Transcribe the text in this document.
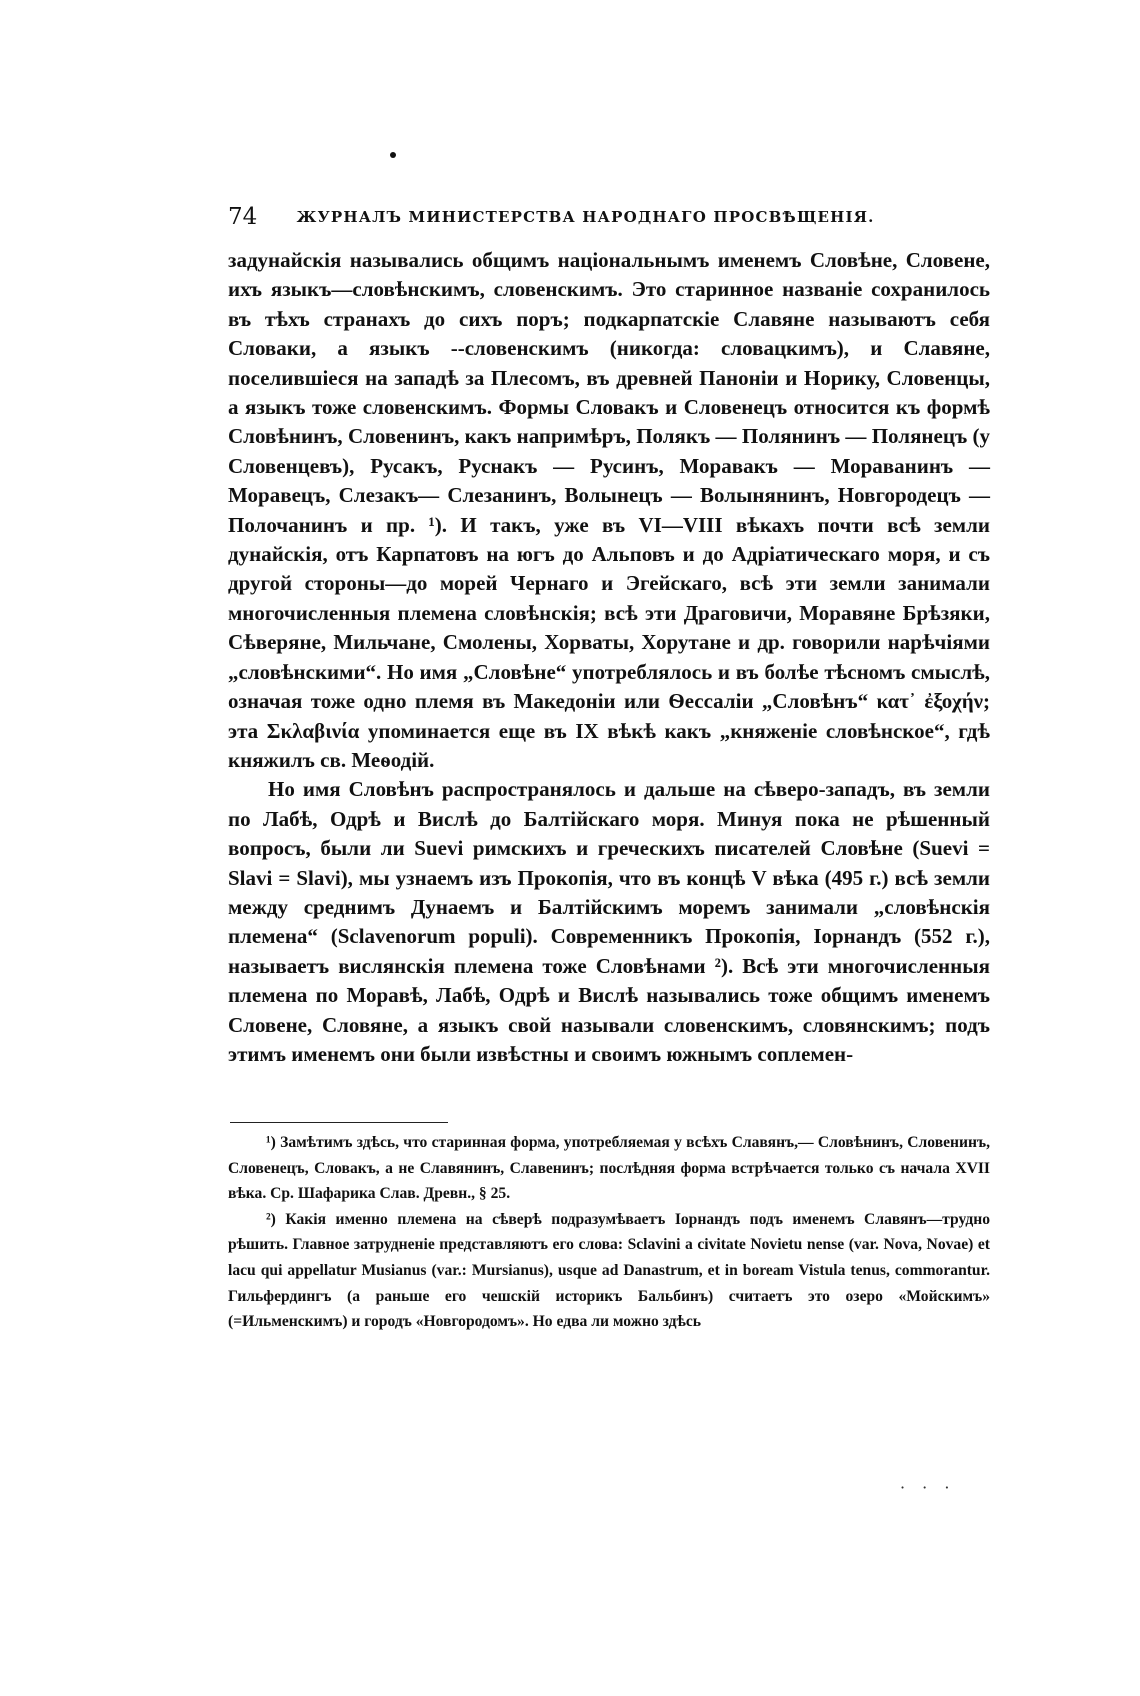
74	ЖУРНАЛЪ МИНИСТЕРСТВА НАРОДНАГО ПРОСВѢЩЕНІЯ.

задунайскія назывались общимъ національнымъ именемъ Словѣне, Словене, ихъ языкъ—словѣнскимъ, словенскимъ. Это старинное названіе сохранилось въ тѣхъ странахъ до сихъ поръ; подкарпатскіе Славяне называютъ себя Словаки, а языкъ --словенскимъ (никогда: словацкимъ), и Славяне, поселившіеся на западѣ за Плесомъ, въ древней Панонiи и Норику, Словенцы, а языкъ тоже словенскимъ. Формы Словакъ и Словенецъ относится къ формѣ Словѣнинъ, Словенинъ, какъ напримѣръ, Полякъ — Полянинъ — Полянецъ (у Словенцевъ), Русакъ, Руснакъ — Русинъ, Моравакъ — Мораванинъ — Моравецъ, Слезакъ— Слезанинъ, Волынецъ — Волынянинъ, Новгородецъ — Полочанинъ и пр. ¹). И такъ, уже въ VI—VIII вѣкахъ почти всѣ земли дунайскія, отъ Карпатовъ на югъ до Альповъ и до Адріатическаго моря, и съ другой стороны—до морей Чернаго и Эгейскаго, всѣ эти земли занимали многочисленныя племена словѣнскія; всѣ эти Драговичи, Моравяне Брѣзяки, Сѣверяне, Мильчане, Смолены, Хорваты, Хорутане и др. говорили нарѣчіями „словѣнскими“. Но имя „Словѣне“ употреблялось и въ болѣе тѣсномъ смыслѣ, означая тоже одно племя въ Македоніи или Ѳессаліи „Словѣнъ“ κατ᾽ ἐξοχήν; эта Σκλαβινία упоминается еще въ IX вѣкѣ какъ „княженіе словѣнское“, гдѣ княжилъ св. Меѳодій.

Но имя Словѣнъ распространялось и дальше на сѣверо-западъ, въ земли по Лабѣ, Одрѣ и Вислѣ до Балтійскаго моря. Минуя пока не рѣшенный вопросъ, были ли Suevi римскихъ и греческихъ писателей Словѣне (Suevi = Slavi = Slavi), мы узнаемъ изъ Прокопія, что въ концѣ V вѣка (495 г.) всѣ земли между среднимъ Дунаемъ и Балтійскимъ моремъ занимали „словѣнскія племена“ (Sclavenorum populi). Современникъ Прокопія, Іорнандъ (552 г.), называетъ вислянскія племена тоже Словѣнами ²). Всѣ эти многочисленныя племена по Моравѣ, Лабѣ, Одрѣ и Вислѣ назывались тоже общимъ именемъ Словене, Словяне, а языкъ свой называли словенскимъ, словянскимъ; подъ этимъ именемъ они были извѣстны и своимъ южнымъ соплемен-

¹) Замѣтимъ здѣсь, что старинная форма, употребляемая у всѣхъ Славянъ,— Словѣнинъ, Словенинъ, Словенецъ, Словакъ, а не Славянинъ, Славенинъ; послѣдняя форма встрѣчается только съ начала XVII вѣка. Ср. Шафарика Слав. Древн., § 25.

²) Какія именно племена на сѣверѣ подразумѣваетъ Іорнандъ подъ именемъ Славянъ—трудно рѣшить. Главное затрудненіе представляютъ его слова: Sclavini a civitate Novietu nense (var. Nova, Novae) et lacu qui appellatur Musianus (var.: Mursianus), usque ad Danastrum, et in boream Vistula tenus, commorantur. Гильфердингъ (а раньше его чешскій историкъ Бальбинъ) считаетъ это озеро «Мойскимъ» (=Ильменскимъ) и городъ «Новгородомъ». Но едва ли можно здѣсь

· · ·
